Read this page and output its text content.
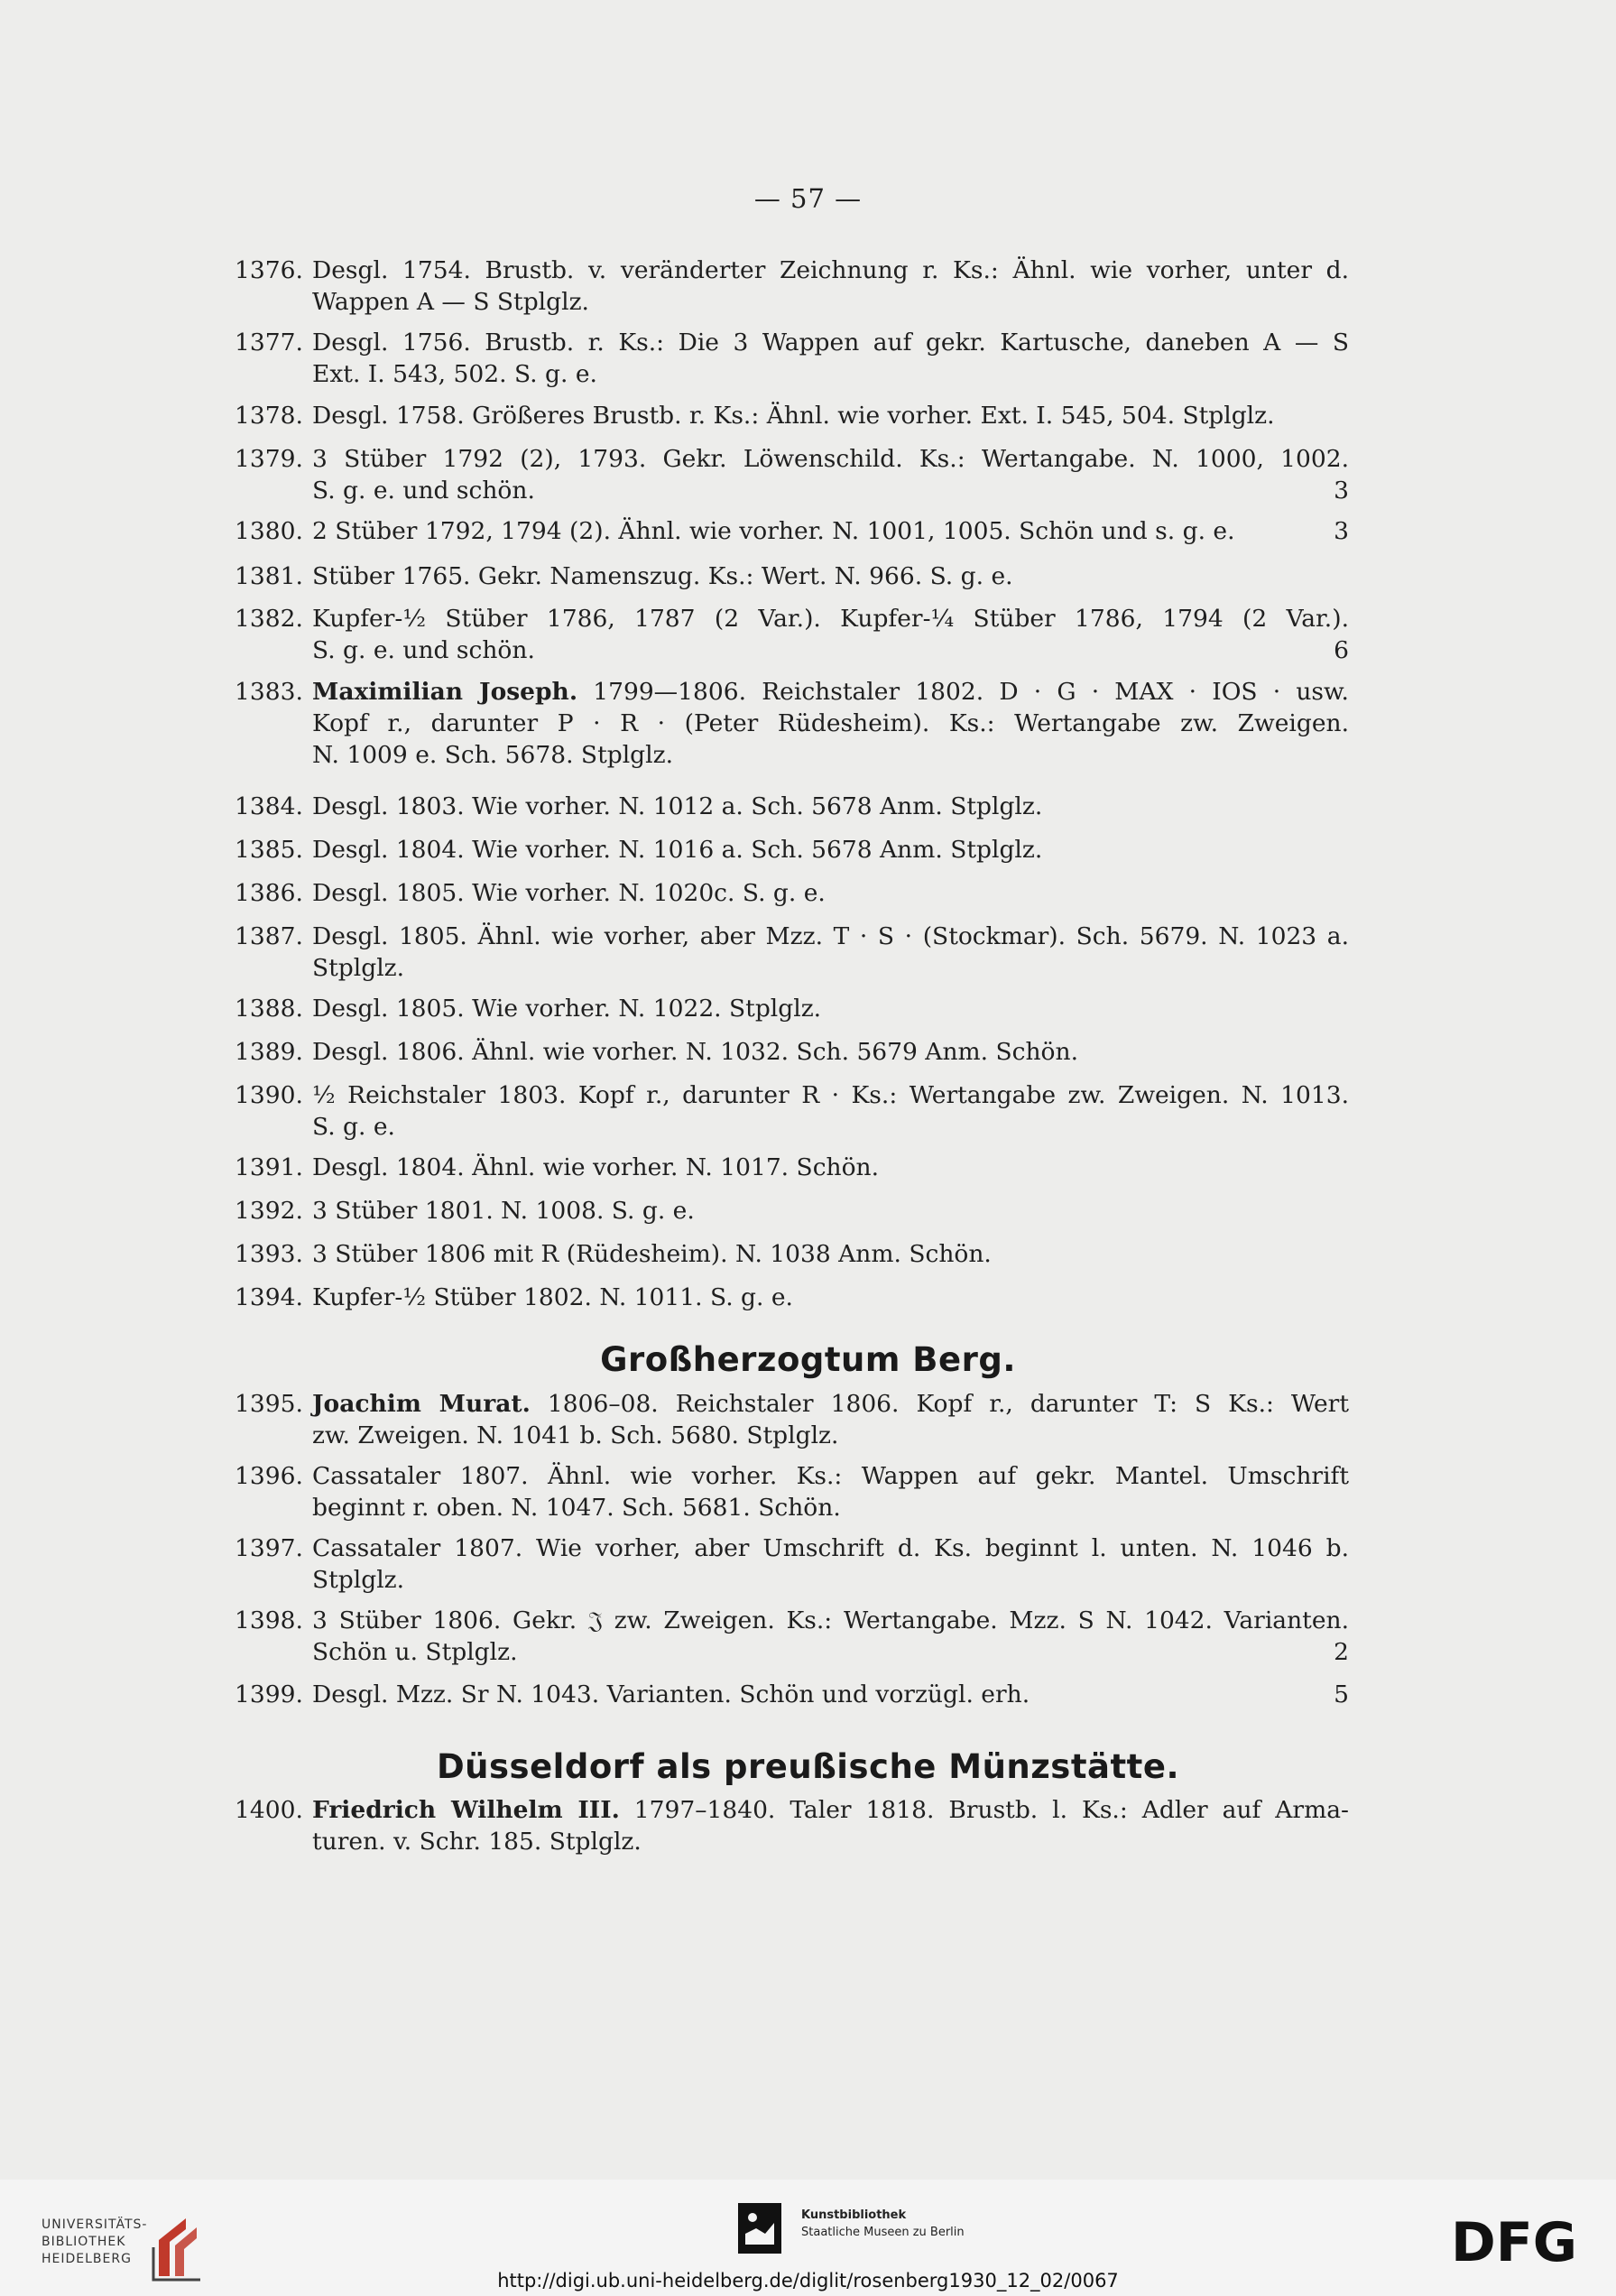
— 57 —
1376. Desgl. 1754. Brustb. v. veränderter Zeichnung r. Ks.: Ähnl. wie vorher, unter d.
Wappen A — S Stplglz.
1377. Desgl. 1756. Brustb. r. Ks.: Die 3 Wappen auf gekr. Kartusche, daneben A — S
Ext. I. 543, 502. S. g. e.
1378. Desgl. 1758. Größeres Brustb. r. Ks.: Ähnl. wie vorher. Ext. I. 545, 504. Stplglz.
1379. 3 Stüber 1792 (2), 1793. Gekr. Löwenschild. Ks.: Wertangabe. N. 1000, 1002.
S. g. e. und schön.	3
1380. 2 Stüber 1792, 1794 (2). Ähnl. wie vorher. N. 1001, 1005. Schön und s. g. e.	3
1381. Stüber 1765. Gekr. Namenszug. Ks.: Wert. N. 966. S. g. e.
1382. Kupfer-½ Stüber 1786, 1787 (2 Var.). Kupfer-¼ Stüber 1786, 1794 (2 Var.).
S. g. e. und schön.	6
1383. Maximilian Joseph. 1799—1806. Reichstaler 1802. D · G · MAX · IOS · usw.
Kopf r., darunter P · R · (Peter Rüdesheim). Ks.: Wertangabe zw. Zweigen.
N. 1009 e. Sch. 5678. Stplglz.
1384. Desgl. 1803. Wie vorher. N. 1012 a. Sch. 5678 Anm. Stplglz.
1385. Desgl. 1804. Wie vorher. N. 1016 a. Sch. 5678 Anm. Stplglz.
1386. Desgl. 1805. Wie vorher. N. 1020c. S. g. e.
1387. Desgl. 1805. Ähnl. wie vorher, aber Mzz. T · S · (Stockmar). Sch. 5679. N. 1023 a.
Stplglz.
1388. Desgl. 1805. Wie vorher. N. 1022. Stplglz.
1389. Desgl. 1806. Ähnl. wie vorher. N. 1032. Sch. 5679 Anm. Schön.
1390. ½ Reichstaler 1803. Kopf r., darunter R · Ks.: Wertangabe zw. Zweigen. N. 1013.
S. g. e.
1391. Desgl. 1804. Ähnl. wie vorher. N. 1017. Schön.
1392. 3 Stüber 1801. N. 1008. S. g. e.
1393. 3 Stüber 1806 mit R (Rüdesheim). N. 1038 Anm. Schön.
1394. Kupfer-½ Stüber 1802. N. 1011. S. g. e.
1395. Joachim Murat. 1806–08. Reichstaler 1806. Kopf r., darunter T: S Ks.: Wert
zw. Zweigen. N. 1041 b. Sch. 5680. Stplglz.
1396. Cassataler 1807. Ähnl. wie vorher. Ks.: Wappen auf gekr. Mantel. Umschrift
beginnt r. oben. N. 1047. Sch. 5681. Schön.
1397. Cassataler 1807. Wie vorher, aber Umschrift d. Ks. beginnt l. unten. N. 1046 b.
Stplglz.
1398. 3 Stüber 1806. Gekr. 𝔍 zw. Zweigen. Ks.: Wertangabe. Mzz. S N. 1042. Varianten.
Schön u. Stplglz.	2
1399. Desgl. Mzz. Sr N. 1043. Varianten. Schön und vorzügl. erh.	5
1400. Friedrich Wilhelm III. 1797–1840. Taler 1818. Brustb. l. Ks.: Adler auf Arma-
turen. v. Schr. 185. Stplglz.
Großherzogtum Berg.
Düsseldorf als preußische Münzstätte.
UNIVERSITÄTS-
BIBLIOTHEK
HEIDELBERG
Kunstbibliothek
Staatliche Museen zu Berlin	DFG
http://digi.ub.uni-heidelberg.de/diglit/rosenberg1930_12_02/0067
